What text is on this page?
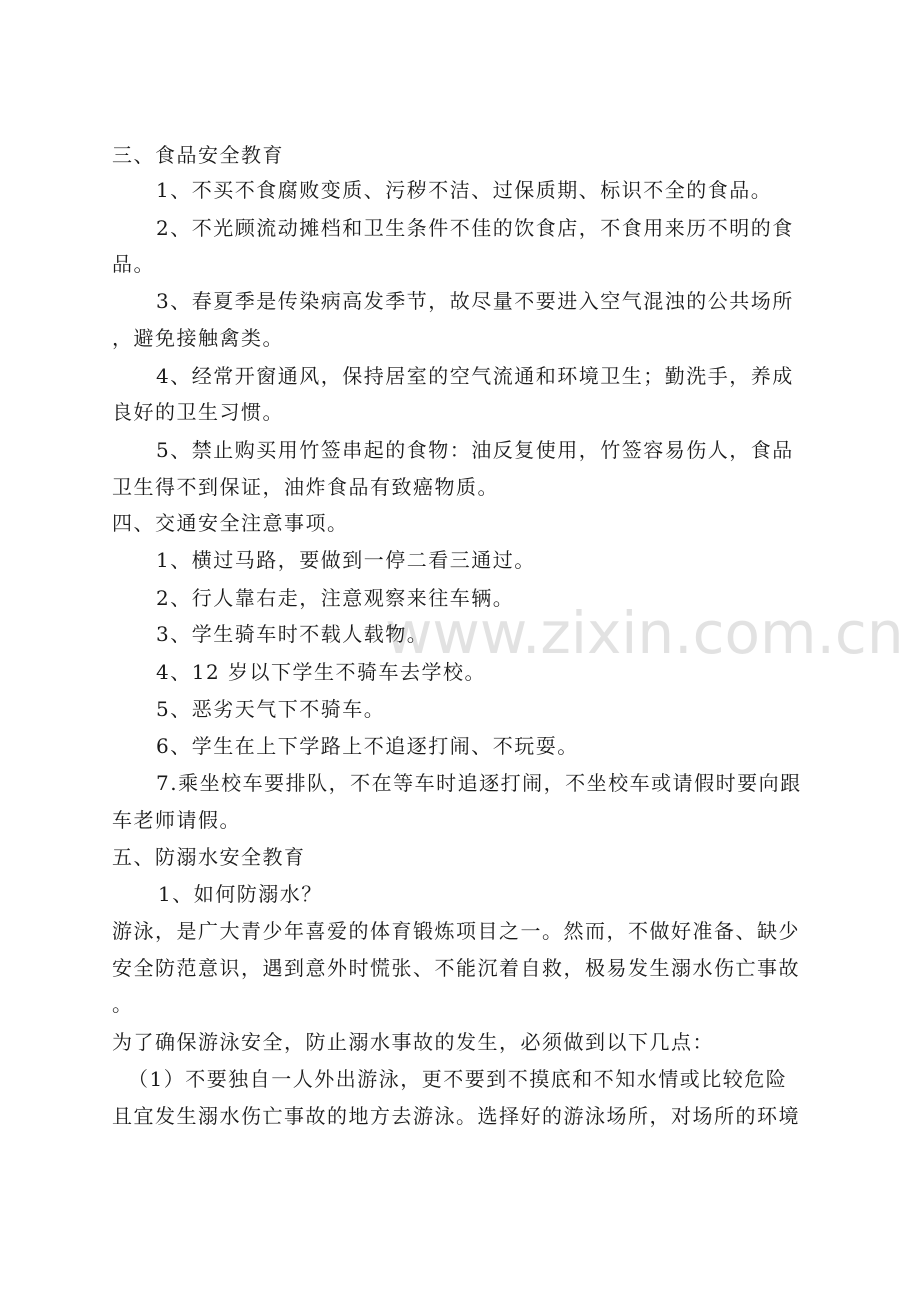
www.zixin.com.cn
三、食品安全教育
1、不买不食腐败变质、污秽不洁、过保质期、标识不全的食品。
2、不光顾流动摊档和卫生条件不佳的饮食店，不食用来历不明的食
品。
3、春夏季是传染病高发季节，故尽量不要进入空气混浊的公共场所
，避免接触禽类。
4、经常开窗通风，保持居室的空气流通和环境卫生；勤洗手，养成
良好的卫生习惯。
5、禁止购买用竹签串起的食物：油反复使用，竹签容易伤人，食品
卫生得不到保证，油炸食品有致癌物质。
四、交通安全注意事项。
1、横过马路，要做到一停二看三通过。
2、行人靠右走，注意观察来往车辆。
3、学生骑车时不载人载物。
4、12 岁以下学生不骑车去学校。
5、恶劣天气下不骑车。
6、学生在上下学路上不追逐打闹、不玩耍。
7.乘坐校车要排队，不在等车时追逐打闹，不坐校车或请假时要向跟
车老师请假。
五、防溺水安全教育
1、如何防溺水？
游泳，是广大青少年喜爱的体育锻炼项目之一。然而，不做好准备、缺少
安全防范意识，遇到意外时慌张、不能沉着自救，极易发生溺水伤亡事故
。
为了确保游泳安全，防止溺水事故的发生，必须做到以下几点：
（1）不要独自一人外出游泳，更不要到不摸底和不知水情或比较危险
且宜发生溺水伤亡事故的地方去游泳。选择好的游泳场所，对场所的环境
